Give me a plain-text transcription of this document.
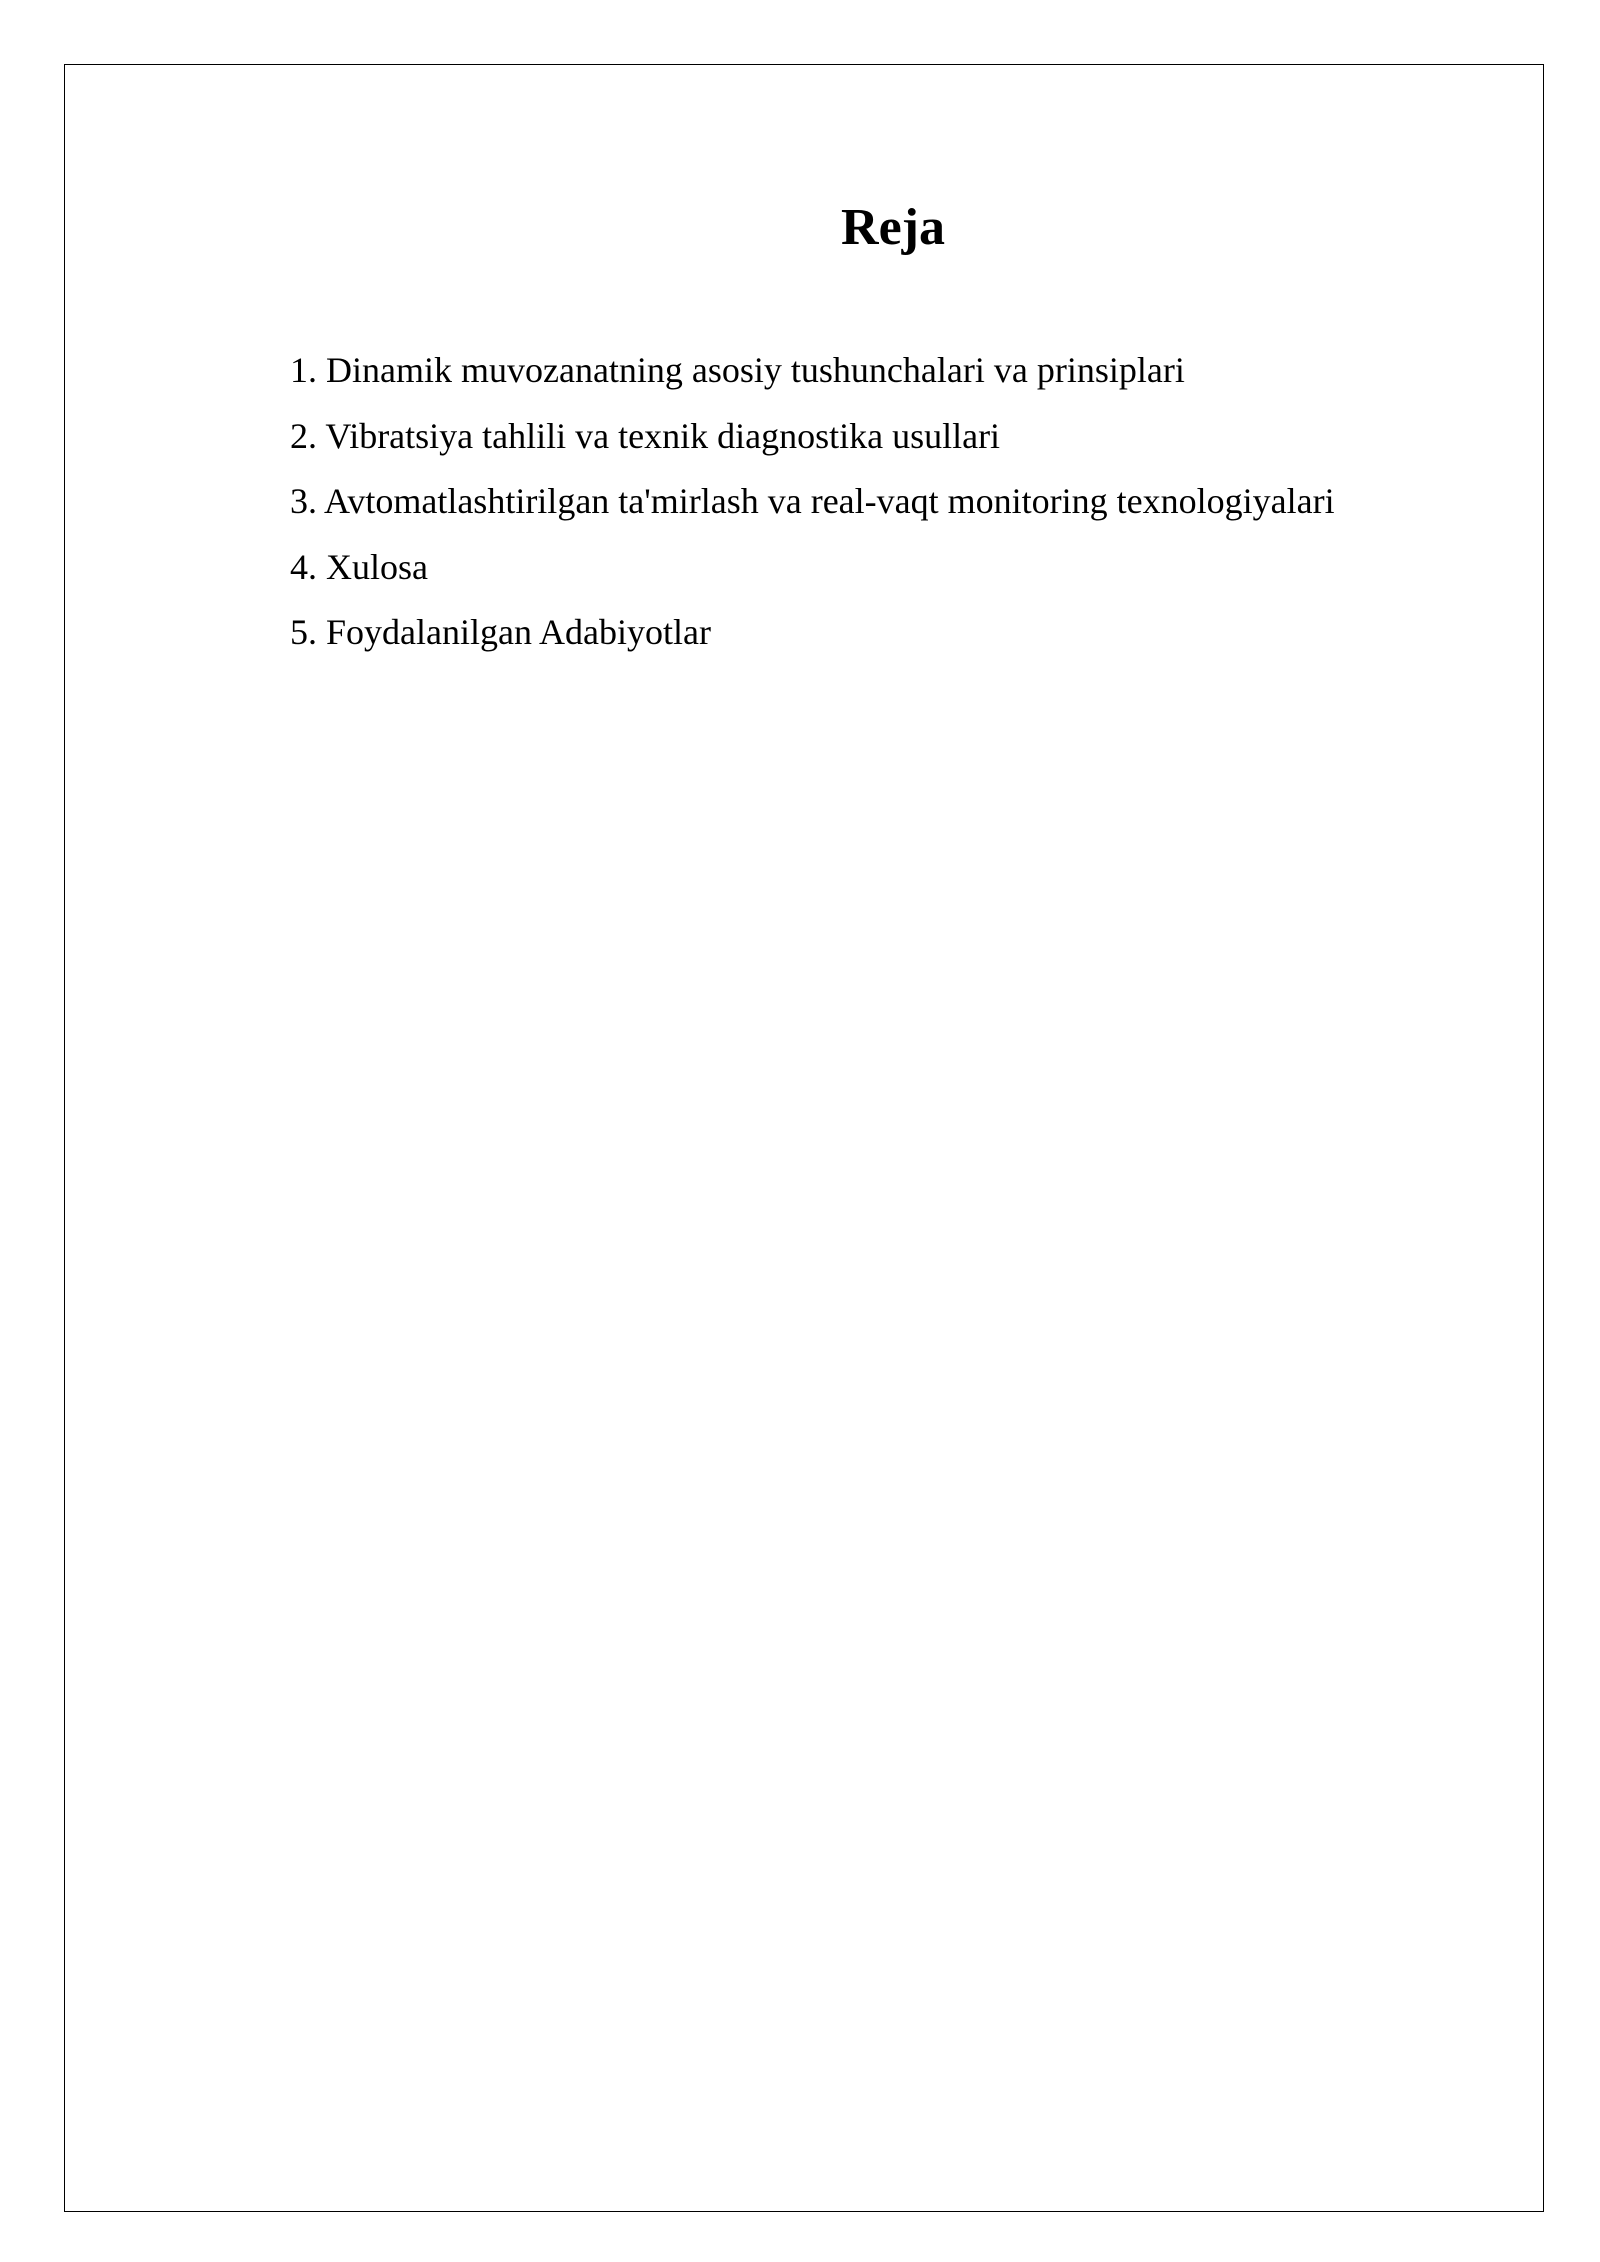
Reja
1. Dinamik muvozanatning asosiy tushunchalari va prinsiplari
2. Vibratsiya tahlili va texnik diagnostika usullari
3. Avtomatlashtirilgan ta'mirlash va real-vaqt monitoring texnologiyalari
4. Xulosa
5. Foydalanilgan Adabiyotlar
